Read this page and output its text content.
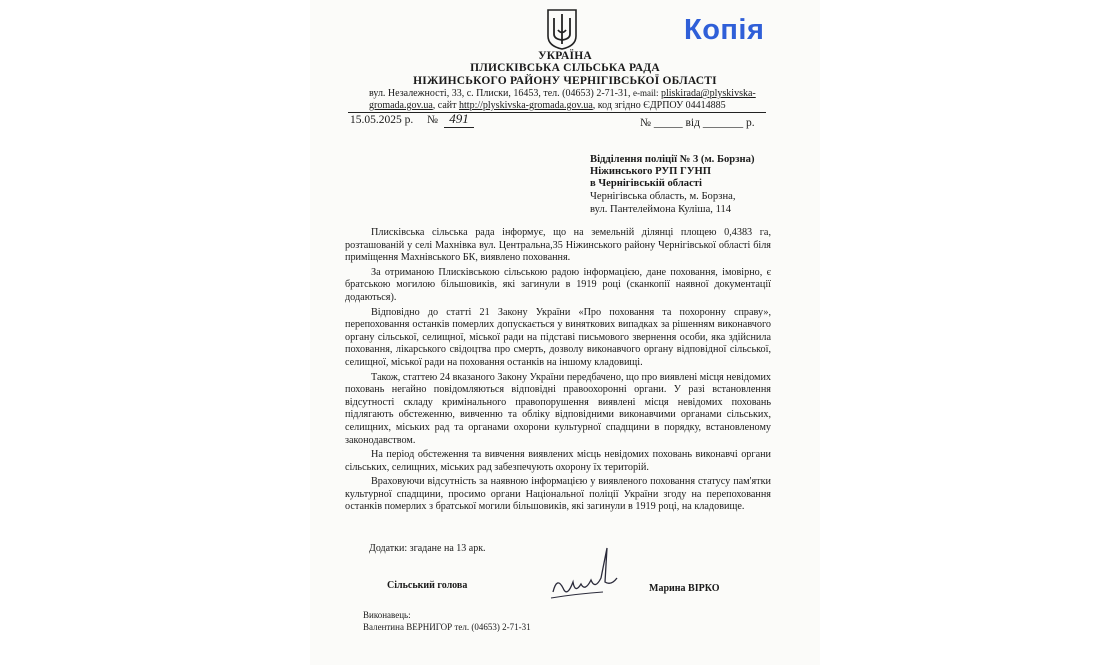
Копія
УКРАЇНА
ПЛИСКІВСЬКА СІЛЬСЬКА РАДА
НІЖИНСЬКОГО РАЙОНУ ЧЕРНІГІВСЬКОЇ ОБЛАСТІ
вул. Незалежності, 33, с. Плиски, 16453, тел. (04653) 2-71-31, e-mail: pliskirada@plyskivska-
gromada.gov.ua, сайт http://plyskivska-gromada.gov.ua, код згідно ЄДРПОУ 04414885
15.05.2025 р. № 491	№ _____ від _______ р.
Відділення поліції № 3 (м. Борзна)
Ніжинського РУП ГУНП
в Чернігівській області
Чернігівська область, м. Борзна,
вул. Пантелеймона Куліша, 114

Плисківська сільська рада інформує, що на земельній ділянці площею 0,4383 га, розташованій у селі Махнівка вул. Центральна,35 Ніжинського району Чернігівської області біля приміщення Махнівського БК, виявлено поховання.

За отриманою Плисківською сільською радою інформацією, дане поховання, імовірно, є братською могилою більшовиків, які загинули в 1919 році (сканкопії наявної документації додаються).

Відповідно до статті 21 Закону України «Про поховання та похоронну справу», перепоховання останків померлих допускається у виняткових випадках за рішенням виконавчого органу сільської, селищної, міської ради на підставі письмового звернення особи, яка здійснила поховання, лікарського свідоцтва про смерть, дозволу виконавчого органу відповідної сільської, селищної, міської ради на поховання останків на іншому кладовищі.

Також, статтею 24 вказаного Закону України передбачено, що про виявлені місця невідомих поховань негайно повідомляються відповідні правоохоронні органи. У разі встановлення відсутності складу кримінального правопорушення виявлені місця невідомих поховань підлягають обстеженню, вивченню та обліку відповідними виконавчими органами сільських, селищних, міських рад та органами охорони культурної спадщини в порядку, встановленому законодавством.

На період обстеження та вивчення виявлених місць невідомих поховань виконавчі органи сільських, селищних, міських рад забезпечують охорону їх територій.

Враховуючи відсутність за наявною інформацією у виявленого поховання статусу пам'ятки культурної спадщини, просимо органи Національної поліції України згоду на перепоховання останків померлих з братської могили більшовиків, які загинули в 1919 році, на кладовище.

Додатки: згадане на 13 арк.
Сільський голова	Марина ВІРКО
Виконавець:
Валентина ВЕРНИГОР тел. (04653) 2-71-31
